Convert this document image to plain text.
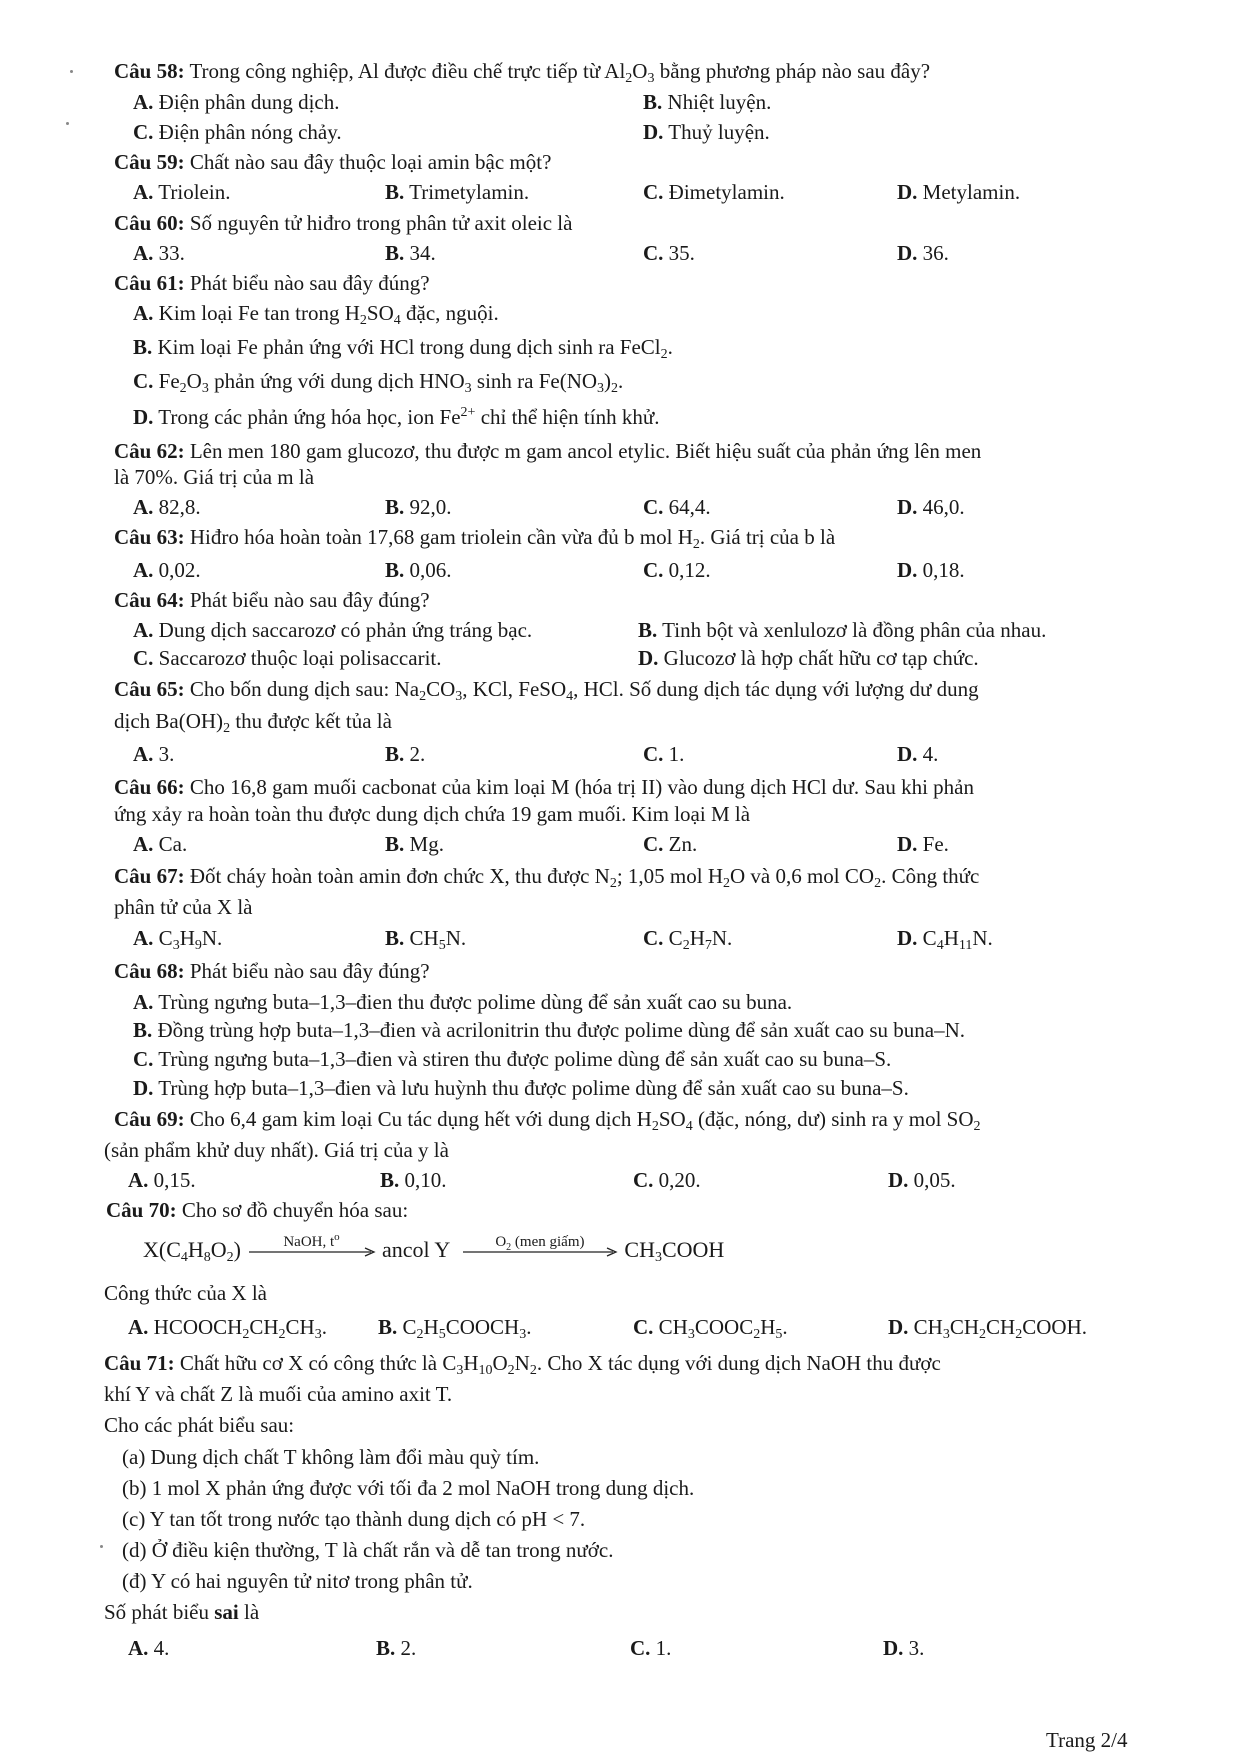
Câu 58: Trong công nghiệp, Al được điều chế trực tiếp từ $Al_2O_3$ bằng phương pháp nào sau đây?
A. Điện phân dung dịch.	B. Nhiệt luyện.
C. Điện phân nóng chảy.	D. Thuỷ luyện.
Câu 59: Chất nào sau đây thuộc loại amin bậc một?
A. Triolein.	B. Trimetylamin.	C. Đimetylamin.	D. Metylamin.
Câu 60: Số nguyên tử hiđro trong phân tử axit oleic là
A. 33.	B. 34.	C. 35.	D. 36.
Câu 61: Phát biểu nào sau đây đúng?
A. Kim loại Fe tan trong $H_2SO_4$ đặc, nguội.
B. Kim loại Fe phản ứng với HCl trong dung dịch sinh ra FeCl$_2$.
C. $Fe_2O_3$ phản ứng với dung dịch $HNO_3$ sinh ra $Fe(NO_3)_2$.
D. Trong các phản ứng hóa học, ion $Fe^{2+}$ chỉ thể hiện tính khử.
Câu 62: Lên men 180 gam glucozơ, thu được m gam ancol etylic. Biết hiệu suất của phản ứng lên men
là 70%. Giá trị của m là
A. 82,8.	B. 92,0.	C. 64,4.	D. 46,0.
Câu 63: Hiđro hóa hoàn toàn 17,68 gam triolein cần vừa đủ b mol $H_2$. Giá trị của b là
A. 0,02.	B. 0,06.	C. 0,12.	D. 0,18.
Câu 64: Phát biểu nào sau đây đúng?
A. Dung dịch saccarozơ có phản ứng tráng bạc.	B. Tinh bột và xenlulozơ là đồng phân của nhau.
C. Saccarozơ thuộc loại polisaccarit.	D. Glucozơ là hợp chất hữu cơ tạp chức.
Câu 65: Cho bốn dung dịch sau: $Na_2CO_3$, KCl, FeSO$_4$, HCl. Số dung dịch tác dụng với lượng dư dung
dịch $Ba(OH)_2$ thu được kết tủa là
A. 3.	B. 2.	C. 1.	D. 4.
Câu 66: Cho 16,8 gam muối cacbonat của kim loại M (hóa trị II) vào dung dịch HCl dư. Sau khi phản
ứng xảy ra hoàn toàn thu được dung dịch chứa 19 gam muối. Kim loại M là
A. Ca.	B. Mg.	C. Zn.	D. Fe.
Câu 67: Đốt cháy hoàn toàn amin đơn chức X, thu được $N_2$; 1,05 mol $H_2O$ và 0,6 mol $CO_2$. Công thức
phân tử của X là
A. $C_3H_9N$.	B. $CH_5N$.	C. $C_2H_7N$.	D. $C_4H_{11}N$.
Câu 68: Phát biểu nào sau đây đúng?
A. Trùng ngưng buta–1,3–đien thu được polime dùng để sản xuất cao su buna.
B. Đồng trùng hợp buta–1,3–đien và acrilonitrin thu được polime dùng để sản xuất cao su buna–N.
C. Trùng ngưng buta–1,3–đien và stiren thu được polime dùng để sản xuất cao su buna–S.
D. Trùng hợp buta–1,3–đien và lưu huỳnh thu được polime dùng để sản xuất cao su buna–S.
Câu 69: Cho 6,4 gam kim loại Cu tác dụng hết với dung dịch $H_2SO_4$ (đặc, nóng, dư) sinh ra y mol $SO_2$
(sản phẩm khử duy nhất). Giá trị của y là
A. 0,15.	B. 0,10.	C. 0,20.	D. 0,05.
Câu 70: Cho sơ đồ chuyển hóa sau:
$X(C_4H_8O_2)$	NaOH, $t^o$
ancol Y	$O_2$ (men giấm)	$CH_3COOH$
Công thức của X là
A. $HCOOCH_2CH_2CH_3$. B. $C_2H_5COOCH_3$.	C. $CH_3COOC_2H_5$.	D. $CH_3CH_2CH_2COOH$.
Câu 71: Chất hữu cơ X có công thức là $C_3H_{10}O_2N_2$. Cho X tác dụng với dung dịch NaOH thu được
khí Y và chất Z là muối của amino axit T.
Cho các phát biểu sau:
(a) Dung dịch chất T không làm đổi màu quỳ tím.
(b) 1 mol X phản ứng được với tối đa 2 mol NaOH trong dung dịch.
(c) Y tan tốt trong nước tạo thành dung dịch có pH < 7.
(d) Ở điều kiện thường, T là chất rắn và dễ tan trong nước.
(đ) Y có hai nguyên tử nitơ trong phân tử.
Số phát biểu sai là
A. 4.	B. 2.	C. 1.	D. 3.
Trang 2/4
